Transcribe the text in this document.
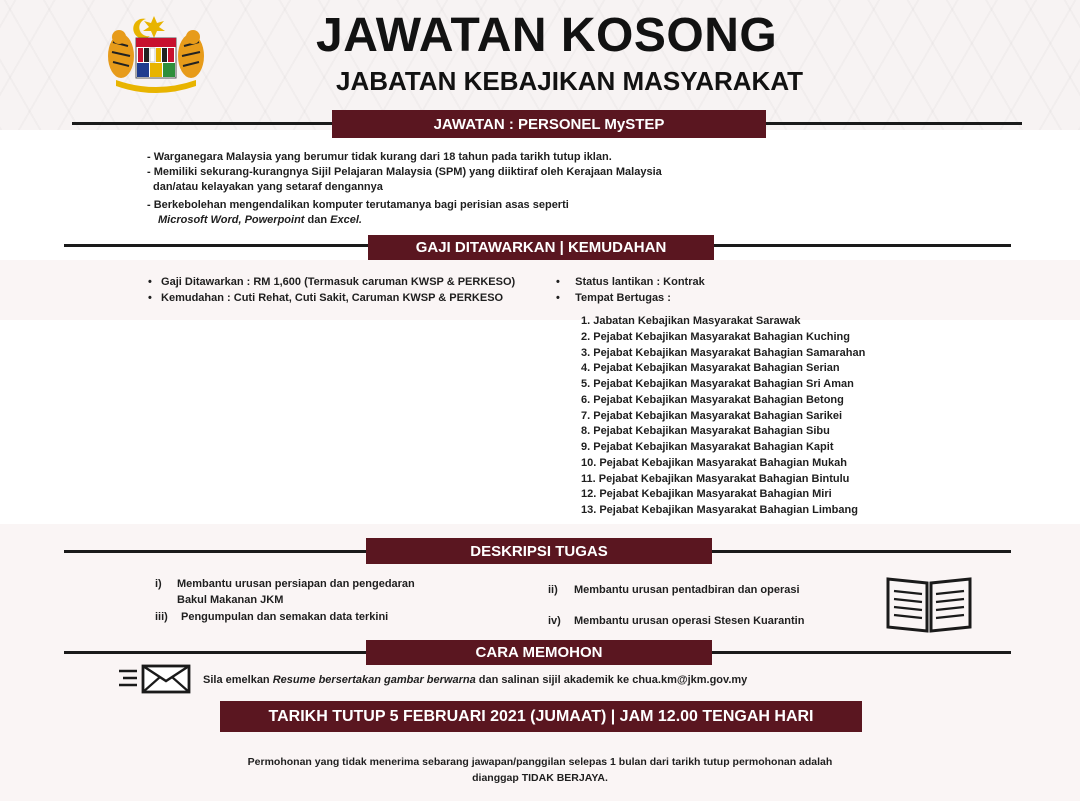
JAWATAN KOSONG
JABATAN KEBAJIKAN MASYARAKAT
JAWATAN : PERSONEL MySTEP
- Warganegara Malaysia yang berumur tidak kurang dari 18 tahun pada tarikh tutup iklan.
- Memiliki sekurang-kurangnya Sijil Pelajaran Malaysia (SPM) yang diiktiraf oleh Kerajaan Malaysia
dan/atau kelayakan yang setaraf dengannya
- Berkebolehan mengendalikan komputer terutamanya bagi perisian asas seperti
Microsoft Word, Powerpoint dan Excel.
GAJI DITAWARKAN | KEMUDAHAN
• Gaji Ditawarkan : RM 1,600 (Termasuk caruman KWSP & PERKESO)
• Kemudahan : Cuti Rehat, Cuti Sakit, Caruman KWSP & PERKESO
• Status lantikan : Kontrak
• Tempat Bertugas :
1. Jabatan Kebajikan Masyarakat Sarawak
2. Pejabat Kebajikan Masyarakat Bahagian Kuching
3. Pejabat Kebajikan Masyarakat Bahagian Samarahan
4. Pejabat Kebajikan Masyarakat Bahagian Serian
5. Pejabat Kebajikan Masyarakat Bahagian Sri Aman
6. Pejabat Kebajikan Masyarakat Bahagian Betong
7. Pejabat Kebajikan Masyarakat Bahagian Sarikei
8. Pejabat Kebajikan Masyarakat Bahagian Sibu
9. Pejabat Kebajikan Masyarakat Bahagian Kapit
10. Pejabat Kebajikan Masyarakat Bahagian Mukah
11. Pejabat Kebajikan Masyarakat Bahagian Bintulu
12. Pejabat Kebajikan Masyarakat Bahagian Miri
13. Pejabat Kebajikan Masyarakat Bahagian Limbang
DESKRIPSI TUGAS
i) Membantu urusan persiapan dan pengedaran
Bakul Makanan JKM
iii) Pengumpulan dan semakan data terkini
ii) Membantu urusan pentadbiran dan operasi
iv) Membantu urusan operasi Stesen Kuarantin
CARA MEMOHON
Sila emelkan Resume bersertakan gambar berwarna dan salinan sijil akademik ke chua.km@jkm.gov.my
TARIKH TUTUP 5 FEBRUARI 2021 (JUMAAT) | JAM 12.00 TENGAH HARI
Permohonan yang tidak menerima sebarang jawapan/panggilan selepas 1 bulan dari tarikh tutup permohonan adalah
dianggap TIDAK BERJAYA.
